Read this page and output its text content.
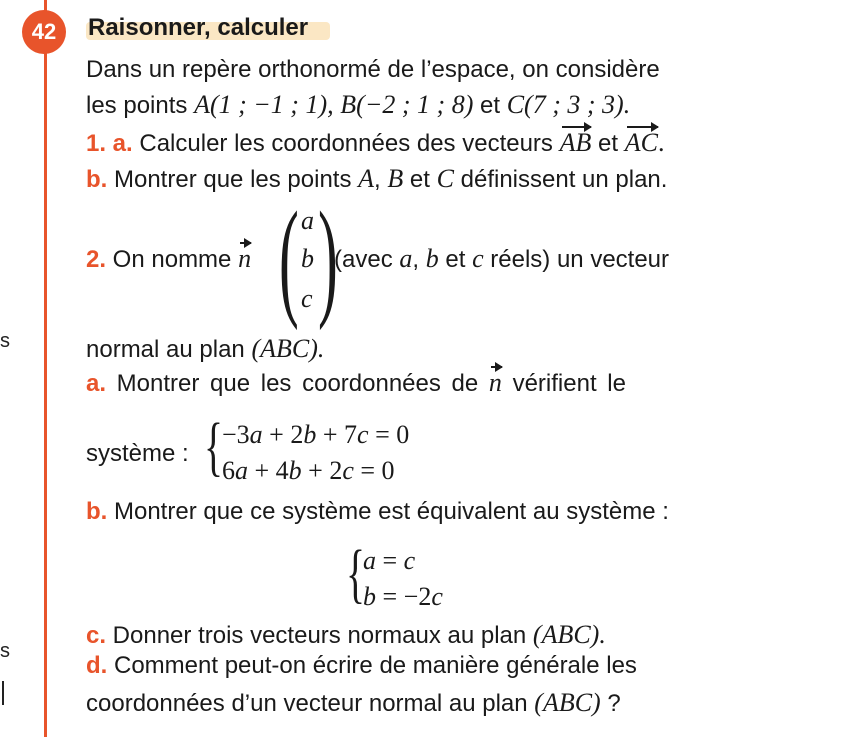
s
s
42	Raisonner, calculer
Dans un repère orthonormé de l’espace, on considère
les points A(1 ; −1 ; 1), B(−2 ; 1 ; 8) et C(7 ; 3 ; 3).
1. a. Calculer les coordonnées des vecteurs AB et AC.
b. Montrer que les points A, B et C définissent un plan.
2. On nomme n ( )
a
b
c
(avec a, b et c réels) un vecteur
normal au plan (ABC).
a. Montrer que les coordonnées de n vérifient le
système : {
−3a + 2b + 7c = 0
6a + 4b + 2c = 0
b. Montrer que ce système est équivalent au système :
{
a = c
b = −2c
c. Donner trois vecteurs normaux au plan (ABC).
d. Comment peut-on écrire de manière générale les
coordonnées d’un vecteur normal au plan (ABC) ?
